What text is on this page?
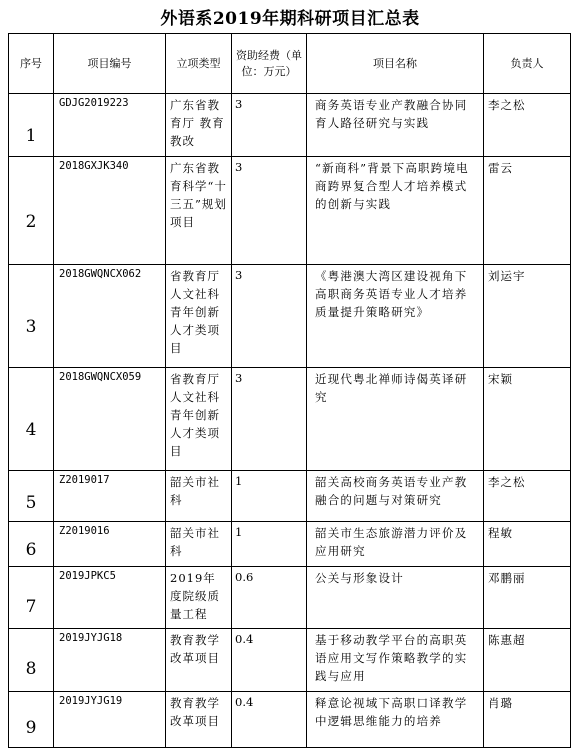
外语系2019年期科研项目汇总表
序号	项目编号	立项类型	资助经费（单位：万元）	项目名称	负责人
1	GDJG2019223	广东省教育厅 教育教改	3	商务英语专业产教融合协同育人路径研究与实践	李之松
2	2018GXJK340	广东省教育科学“十三五”规划项目	3	“新商科”背景下高职跨境电商跨界复合型人才培养模式的创新与实践	雷云
3	2018GWQNCX062	省教育厅人文社科青年创新人才类项目	3	《粤港澳大湾区建设视角下高职商务英语专业人才培养质量提升策略研究》	刘运宇
4	2018GWQNCX059	省教育厅人文社科青年创新人才类项目	3	近现代粤北禅师诗偈英译研究	宋颖
5	Z2019017	韶关市社科	1	韶关高校商务英语专业产教融合的问题与对策研究	李之松
6	Z2019016	韶关市社科	1	韶关市生态旅游潜力评价及应用研究	程敏
7	2019JPKC5	2019年度院级质量工程	0.6	公关与形象设计	邓鹏丽
8	2019JYJG18	教育教学改革项目	0.4	基于移动教学平台的高职英语应用文写作策略教学的实践与应用	陈惠超
9	2019JYJG19	教育教学改革项目	0.4	释意论视域下高职口译教学中逻辑思维能力的培养	肖璐
